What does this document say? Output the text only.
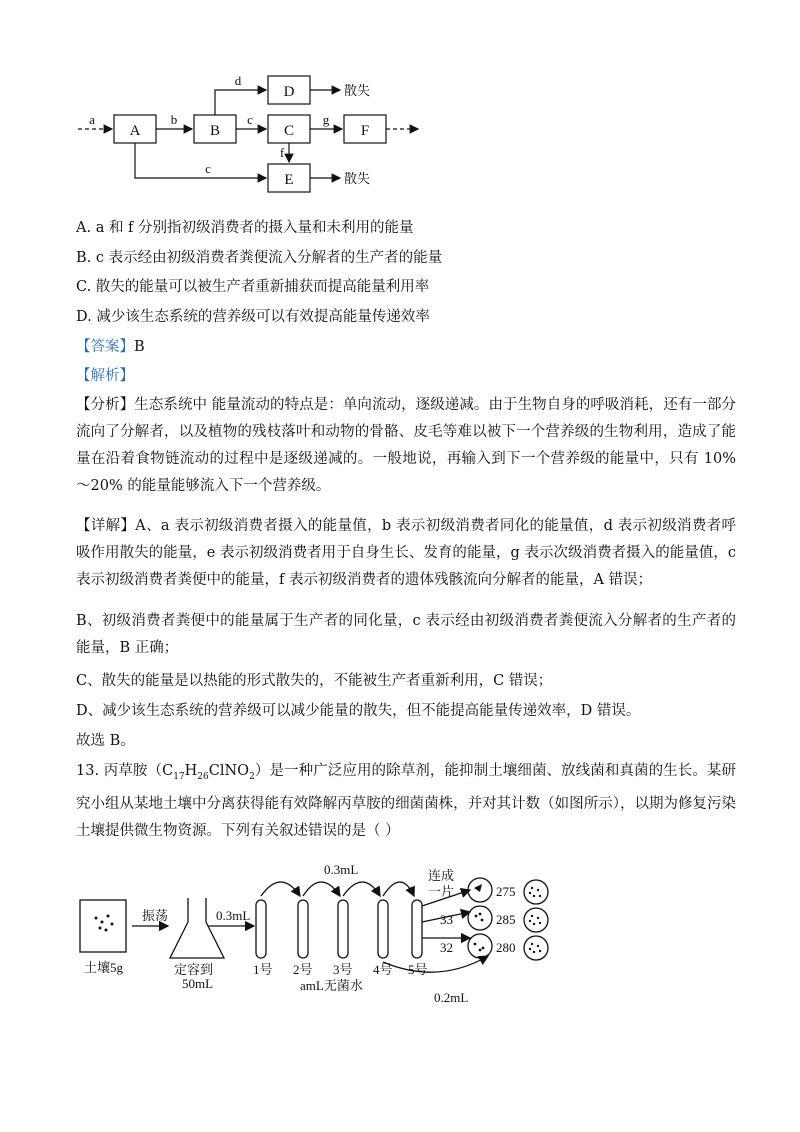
A	B	C
D
E
F
a	b	c
d
g
f
c
散失
散失
A. a 和 f 分别指初级消费者的摄入量和未利用的能量
B. c 表示经由初级消费者粪便流入分解者的生产者的能量
C. 散失的能量可以被生产者重新捕获而提高能量利用率
D. 减少该生态系统的营养级可以有效提高能量传递效率
【答案】B
【解析】
【分析】生态系统中 能量流动的特点是：单向流动，逐级递减。由于生物自身的呼吸消耗，还有一部分流向了分解者，以及植物的残枝落叶和动物的骨骼、皮毛等难以被下一个营养级的生物利用，造成了能量在沿着食物链流动的过程中是逐级递减的。一般地说，再输入到下一个营养级的能量中，只有 10%～20% 的能量能够流入下一个营养级。
【详解】A、a 表示初级消费者摄入的能量值，b 表示初级消费者同化的能量值，d 表示初级消费者呼吸作用散失的能量，e 表示初级消费者用于自身生长、发育的能量，g 表示次级消费者摄入的能量值，c 表示初级消费者粪便中的能量，f 表示初级消费者的遗体残骸流向分解者的能量，A 错误；
B、初级消费者粪便中的能量属于生产者的同化量，c 表示经由初级消费者粪便流入分解者的生产者的能量，B 正确；
C、散失的能量是以热能的形式散失的，不能被生产者重新利用，C 错误；
D、减少该生态系统的营养级可以减少能量的散失，但不能提高能量传递效率，D 错误。
故选 B。
13. 丙草胺$(C_{17}H_{26}ClNO_2)$是一种广泛应用的除草剂，能抑制土壤细菌、放线菌和真菌的生长。某研究小组从某地土壤中分离获得能有效降解丙草胺的细菌菌株，并对其计数（如图所示），以期为修复污染土壤提供微生物资源。下列有关叙述错误的是（ ）
土壤5g
振荡	0.3mL
定容到
50mL
0.3mL
1号 2号 3号 4号 5号
amL无菌水
0.2mL
连成
一片
33
32
275
285
280
